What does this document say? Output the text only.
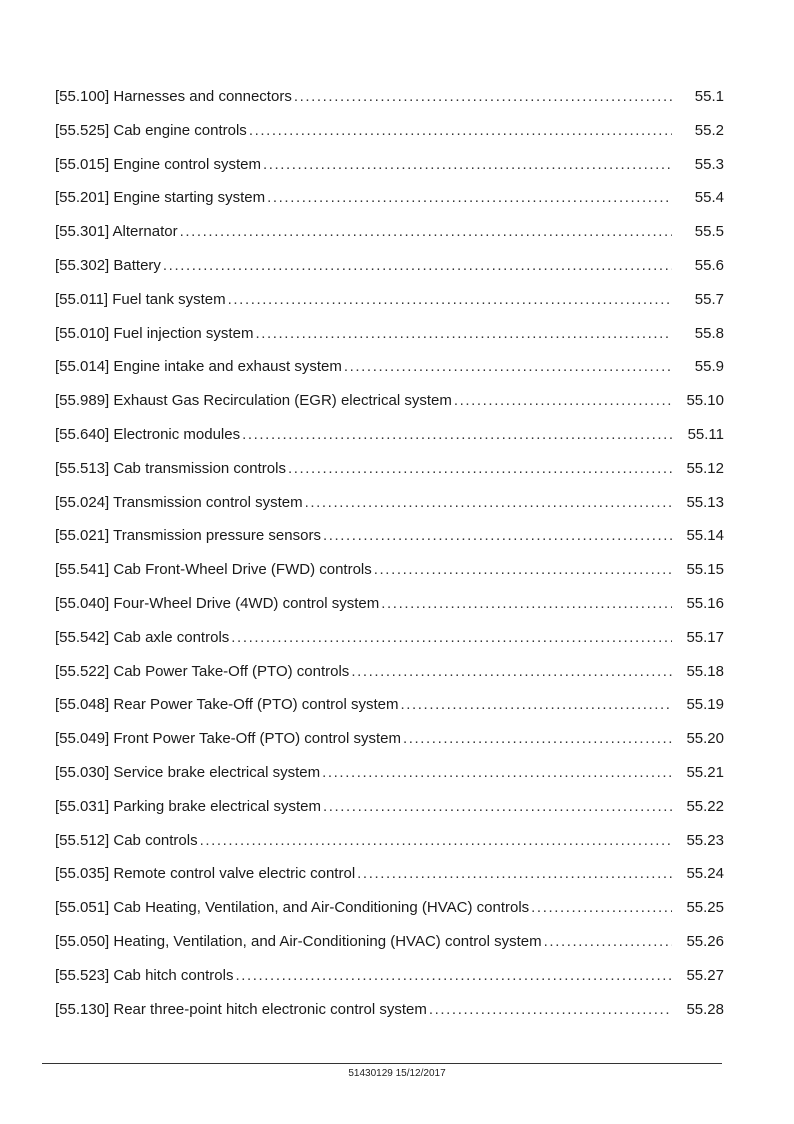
[55.100] Harnesses and connectors .....	55.1
[55.525] Cab engine controls .....	55.2
[55.015] Engine control system .....	55.3
[55.201] Engine starting system .....	55.4
[55.301] Alternator .....	55.5
[55.302] Battery .....	55.6
[55.011] Fuel tank system .....	55.7
[55.010] Fuel injection system .....	55.8
[55.014] Engine intake and exhaust system .....	55.9
[55.989] Exhaust Gas Recirculation (EGR) electrical system .....	55.10
[55.640] Electronic modules .....	55.11
[55.513] Cab transmission controls .....	55.12
[55.024] Transmission control system .....	55.13
[55.021] Transmission pressure sensors .....	55.14
[55.541] Cab Front-Wheel Drive (FWD) controls .....	55.15
[55.040] Four-Wheel Drive (4WD) control system .....	55.16
[55.542] Cab axle controls .....	55.17
[55.522] Cab Power Take-Off (PTO) controls .....	55.18
[55.048] Rear Power Take-Off (PTO) control system .....	55.19
[55.049] Front Power Take-Off (PTO) control system .....	55.20
[55.030] Service brake electrical system .....	55.21
[55.031] Parking brake electrical system .....	55.22
[55.512] Cab controls .....	55.23
[55.035] Remote control valve electric control .....	55.24
[55.051] Cab Heating, Ventilation, and Air-Conditioning (HVAC) controls .....	55.25
[55.050] Heating, Ventilation, and Air-Conditioning (HVAC) control system .....	55.26
[55.523] Cab hitch controls .....	55.27
[55.130] Rear three-point hitch electronic control system .....	55.28
51430129 15/12/2017
